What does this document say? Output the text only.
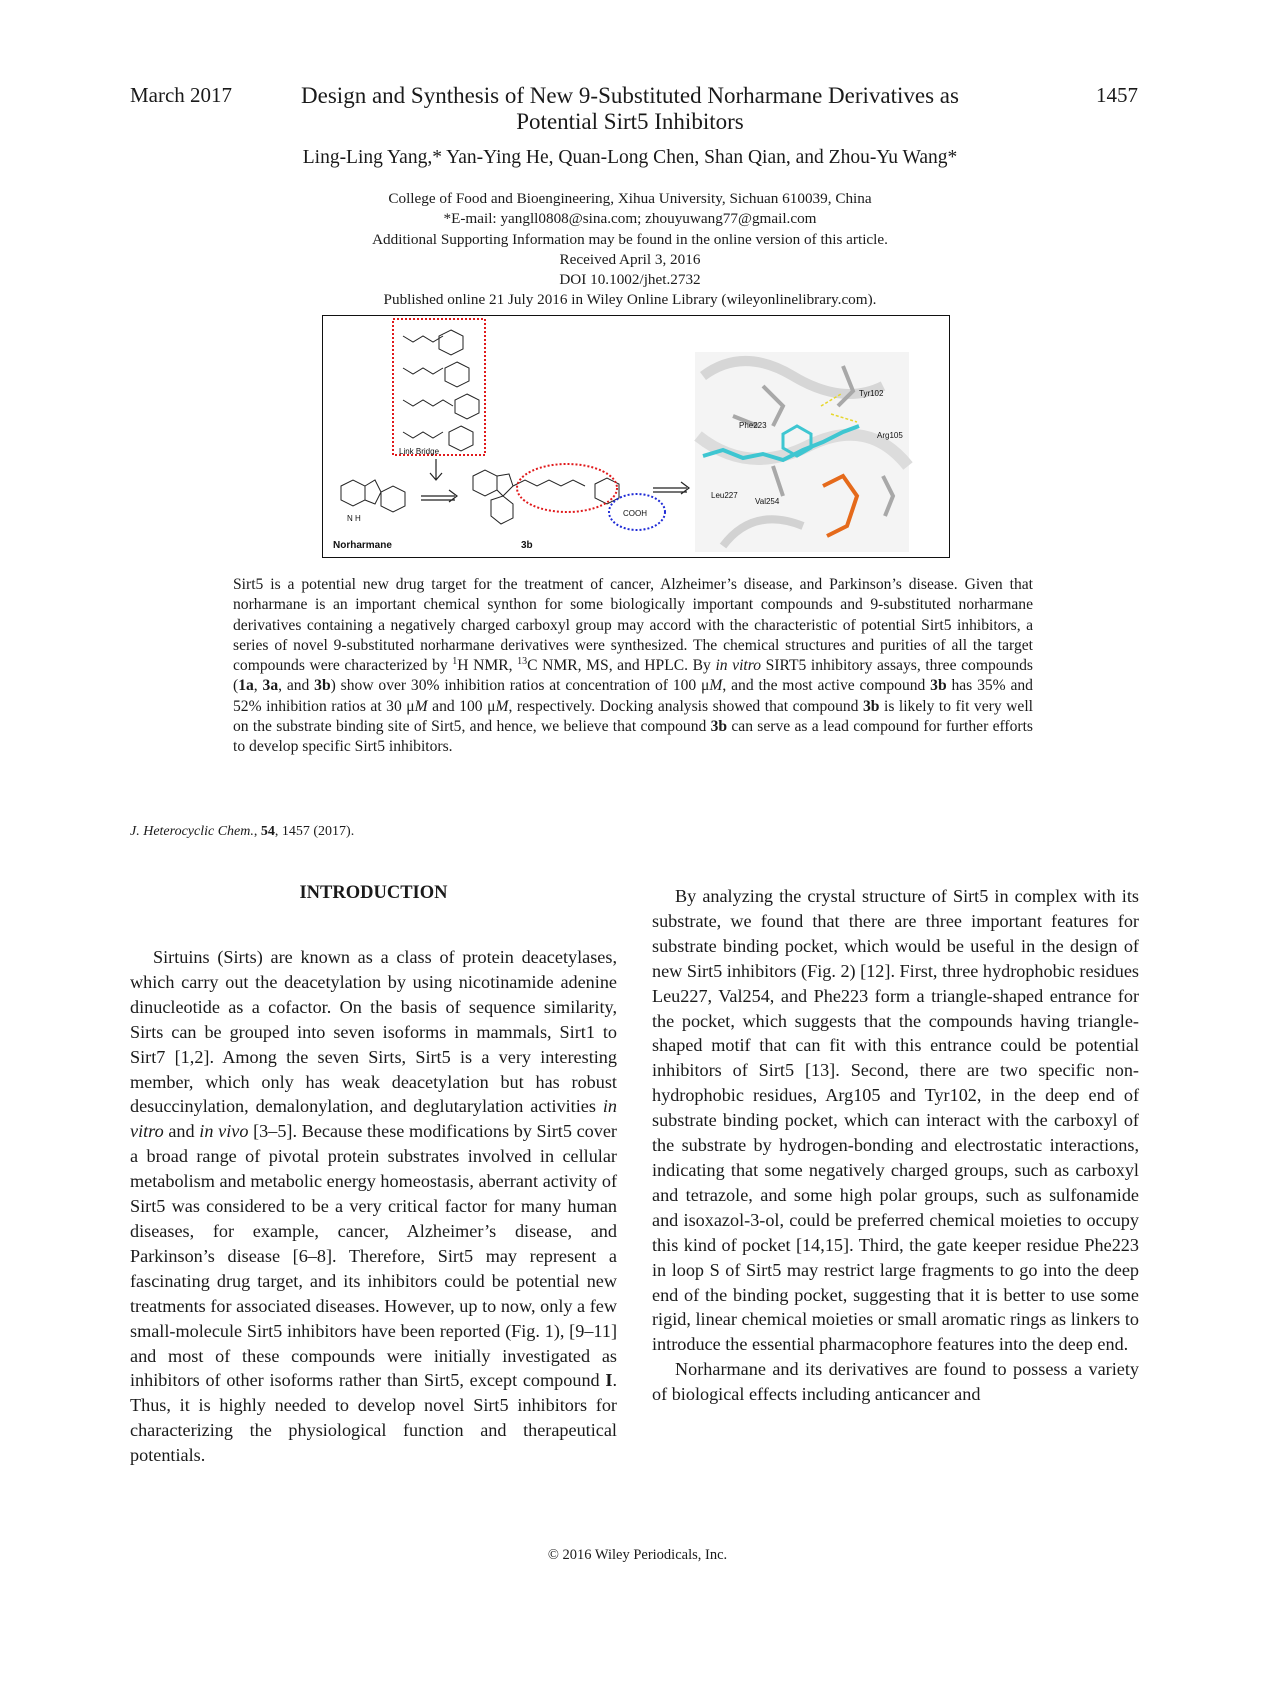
March 2017	1457
Design and Synthesis of New 9-Substituted Norharmane Derivatives as
Potential Sirt5 Inhibitors
Ling-Ling Yang,* Yan-Ying He, Quan-Long Chen, Shan Qian, and Zhou-Yu Wang*
College of Food and Bioengineering, Xihua University, Sichuan 610039, China
*E-mail: yangll0808@sina.com; zhouyuwang77@gmail.com
Additional Supporting Information may be found in the online version of this article.
Received April 3, 2016
DOI 10.1002/jhet.2732
Published online 21 July 2016 in Wiley Online Library (wileyonlinelibrary.com).
Link Bridge
N H
Norharmane
COOH
3b
Tyr102
Phe223
Arg105
Leu227
Val254
Sirt5 is a potential new drug target for the treatment of cancer, Alzheimer’s disease, and Parkinson’s disease. Given that norharmane is an important chemical synthon for some biologically important compounds and 9-substituted norharmane derivatives containing a negatively charged carboxyl group may accord with the characteristic of potential Sirt5 inhibitors, a series of novel 9-substituted norharmane derivatives were synthesized. The chemical structures and purities of all the target compounds were characterized by $^1$H NMR, $^{13}$C NMR, MS, and HPLC. By in vitro SIRT5 inhibitory assays, three compounds (1a, 3a, and 3b) show over 30% inhibition ratios at concentration of 100 μM, and the most active compound 3b has 35% and 52% inhibition ratios at 30 μM and 100 μM, respectively. Docking analysis showed that compound 3b is likely to fit very well on the substrate binding site of Sirt5, and hence, we believe that compound 3b can serve as a lead compound for further efforts to develop specific Sirt5 inhibitors.
J. Heterocyclic Chem., 54, 1457 (2017).
INTRODUCTION

Sirtuins (Sirts) are known as a class of protein deacetylases, which carry out the deacetylation by using nicotinamide adenine dinucleotide as a cofactor. On the basis of sequence similarity, Sirts can be grouped into seven isoforms in mammals, Sirt1 to Sirt7 [1,2]. Among the seven Sirts, Sirt5 is a very interesting member, which only has weak deacetylation but has robust desuccinylation, demalonylation, and deglutarylation activities in vitro and in vivo [3–5]. Because these modifications by Sirt5 cover a broad range of pivotal protein substrates involved in cellular metabolism and metabolic energy homeostasis, aberrant activity of Sirt5 was considered to be a very critical factor for many human diseases, for example, cancer, Alzheimer’s disease, and Parkinson’s disease [6–8]. Therefore, Sirt5 may represent a fascinating drug target, and its inhibitors could be potential new treatments for associated diseases. However, up to now, only a few small-molecule Sirt5 inhibitors have been reported (Fig. 1), [9–11] and most of these compounds were initially investigated as inhibitors of other isoforms rather than Sirt5, except compound I. Thus, it is highly needed to develop novel Sirt5 inhibitors for characterizing the physiological function and therapeutical potentials.

By analyzing the crystal structure of Sirt5 in complex with its substrate, we found that there are three important features for substrate binding pocket, which would be useful in the design of new Sirt5 inhibitors (Fig. 2) [12]. First, three hydrophobic residues Leu227, Val254, and Phe223 form a triangle-shaped entrance for the pocket, which suggests that the compounds having triangle-shaped motif that can fit with this entrance could be potential inhibitors of Sirt5 [13]. Second, there are two specific non-hydrophobic residues, Arg105 and Tyr102, in the deep end of substrate binding pocket, which can interact with the carboxyl of the substrate by hydrogen-bonding and electrostatic interactions, indicating that some negatively charged groups, such as carboxyl and tetrazole, and some high polar groups, such as sulfonamide and isoxazol-3-ol, could be preferred chemical moieties to occupy this kind of pocket [14,15]. Third, the gate keeper residue Phe223 in loop S of Sirt5 may restrict large fragments to go into the deep end of the binding pocket, suggesting that it is better to use some rigid, linear chemical moieties or small aromatic rings as linkers to introduce the essential pharmacophore features into the deep end.

Norharmane and its derivatives are found to possess a variety of biological effects including anticancer and

© 2016 Wiley Periodicals, Inc.
